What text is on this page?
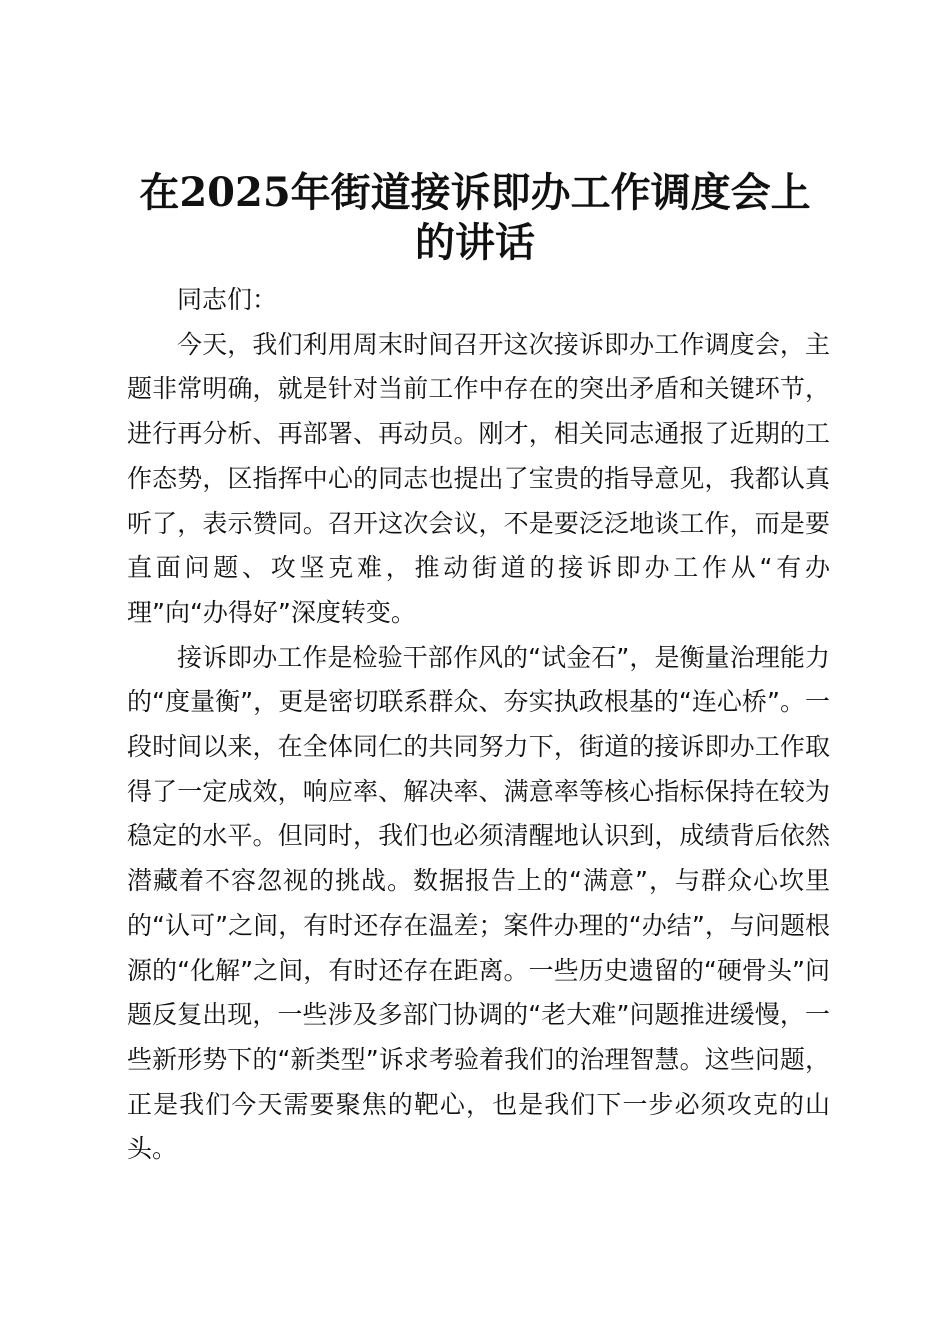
在2025年街道接诉即办工作调度会上的讲话

同志们：

今天，我们利用周末时间召开这次接诉即办工作调度会，主题非常明确，就是针对当前工作中存在的突出矛盾和关键环节，进行再分析、再部署、再动员。刚才，相关同志通报了近期的工作态势，区指挥中心的同志也提出了宝贵的指导意见，我都认真听了，表示赞同。召开这次会议，不是要泛泛地谈工作，而是要直面问题、攻坚克难，推动街道的接诉即办工作从“有办理”向“办得好”深度转变。

接诉即办工作是检验干部作风的“试金石”，是衡量治理能力的“度量衡”，更是密切联系群众、夯实执政根基的“连心桥”。一段时间以来，在全体同仁的共同努力下，街道的接诉即办工作取得了一定成效，响应率、解决率、满意率等核心指标保持在较为稳定的水平。但同时，我们也必须清醒地认识到，成绩背后依然潜藏着不容忽视的挑战。数据报告上的“满意”，与群众心坎里的“认可”之间，有时还存在温差；案件办理的“办结”，与问题根源的“化解”之间，有时还存在距离。一些历史遗留的“硬骨头”问题反复出现，一些涉及多部门协调的“老大难”问题推进缓慢，一些新形势下的“新类型”诉求考验着我们的治理智慧。这些问题，正是我们今天需要聚焦的靶心，也是我们下一步必须攻克的山头。
